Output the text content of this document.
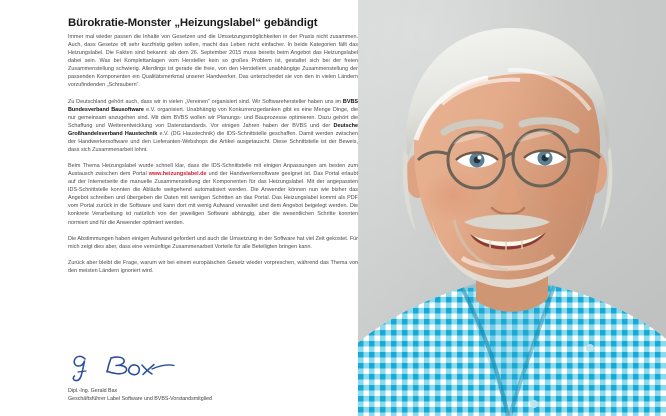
Bürokratie-Monster „Heizungslabel“ gebändigt

Immer mal wieder passen die Inhalte von Gesetzen und die Umsetzungsmöglichkeiten in der Praxis nicht zusammen. Auch, dass Gesetze oft sehr kurzfristig gelten sollen, macht das Leben nicht einfacher. In beide Kategorien fällt das Heizungslabel. Die Fakten sind bekannt: ab dem 26. September 2015 muss bereits beim Angebot das Heizungslabel dabei sein. Was bei Komplettanlagen vom Hersteller kein so großes Problem ist, gestaltet sich bei der freien Zusammenstellung schwierig. Allerdings ist gerade die freie, von den Herstellern unabhängige Zusammenstellung der passenden Komponenten ein Qualitätsmerkmal unserer Handwerker. Das unterscheidet sie von den in vielen Ländern vorzufindenden „Schraubern“.

Zu Deutschland gehört auch, dass wir in vielen „Vereinen“ organisiert sind. Wir Softwarehersteller haben uns im BVBS Bundesverband Bausoftware e.V. organisiert. Unabhängig von Konkurrenzgedanken gibt es eine Menge Dinge, die nur gemeinsam anzugehen sind. Mit dem BVBS wollen wir Planungs- und Bauprozesse optimieren. Dazu gehört die Schaffung und Weiterentwicklung von Datenstandards. Vor einigen Jahren haben der BVBS und der Deutsche Großhandelsverband Haustechnik e.V. (DG Haustechnik) die IDS-Schnittstelle geschaffen. Damit werden zwischen der Handwerkersoftware und den Lieferanten-Webshops die Artikel ausgetauscht. Diese Schnittstelle ist der Beweis, dass sich Zusammenarbeit lohnt.

Beim Thema Heizungslabel wurde schnell klar, dass die IDS-Schnittstelle mit einigen Anpassungen am besten zum Austausch zwischen dem Portal www.heizungslabel.de und der Handwerkersoftware geeignet ist. Das Portal erlaubt auf der Internetseite die manuelle Zusammenstellung der Komponenten für das Heizungslabel. Mit der angepassten IDS-Schnittstelle konnten die Abläufe weitgehend automatisiert werden. Die Anwender können nun wie bisher das Angebot schreiben und übergeben die Daten mit wenigen Schritten an das Portal. Das Heizungslabel kommt als PDF vom Portal zurück in die Software und kann dort mit wenig Aufwand verwaltet und dem Angebot beigelegt werden. Die konkrete Verarbeitung ist natürlich von der jeweiligen Software abhängig, aber die wesentlichen Schritte konnten normiert und für die Anwender optimiert werden.

Die Abstimmungen haben einigen Aufwand gefordert und auch die Umsetzung in der Software hat viel Zeit gekostet. Für mich zeigt dies aber, dass eine vernünftige Zusammenarbeit Vorteile für alle Beteiligten bringen kann.

Zurück aber bleibt die Frage, warum wir bei einem europäischen Gesetz wieder vorpreschen, während das Thema von den meisten Ländern ignoriert wird.

Dipl.-Ing. Gerald Bax
Geschäftsführer Label Software und BVBS-Vorstandsmitglied
